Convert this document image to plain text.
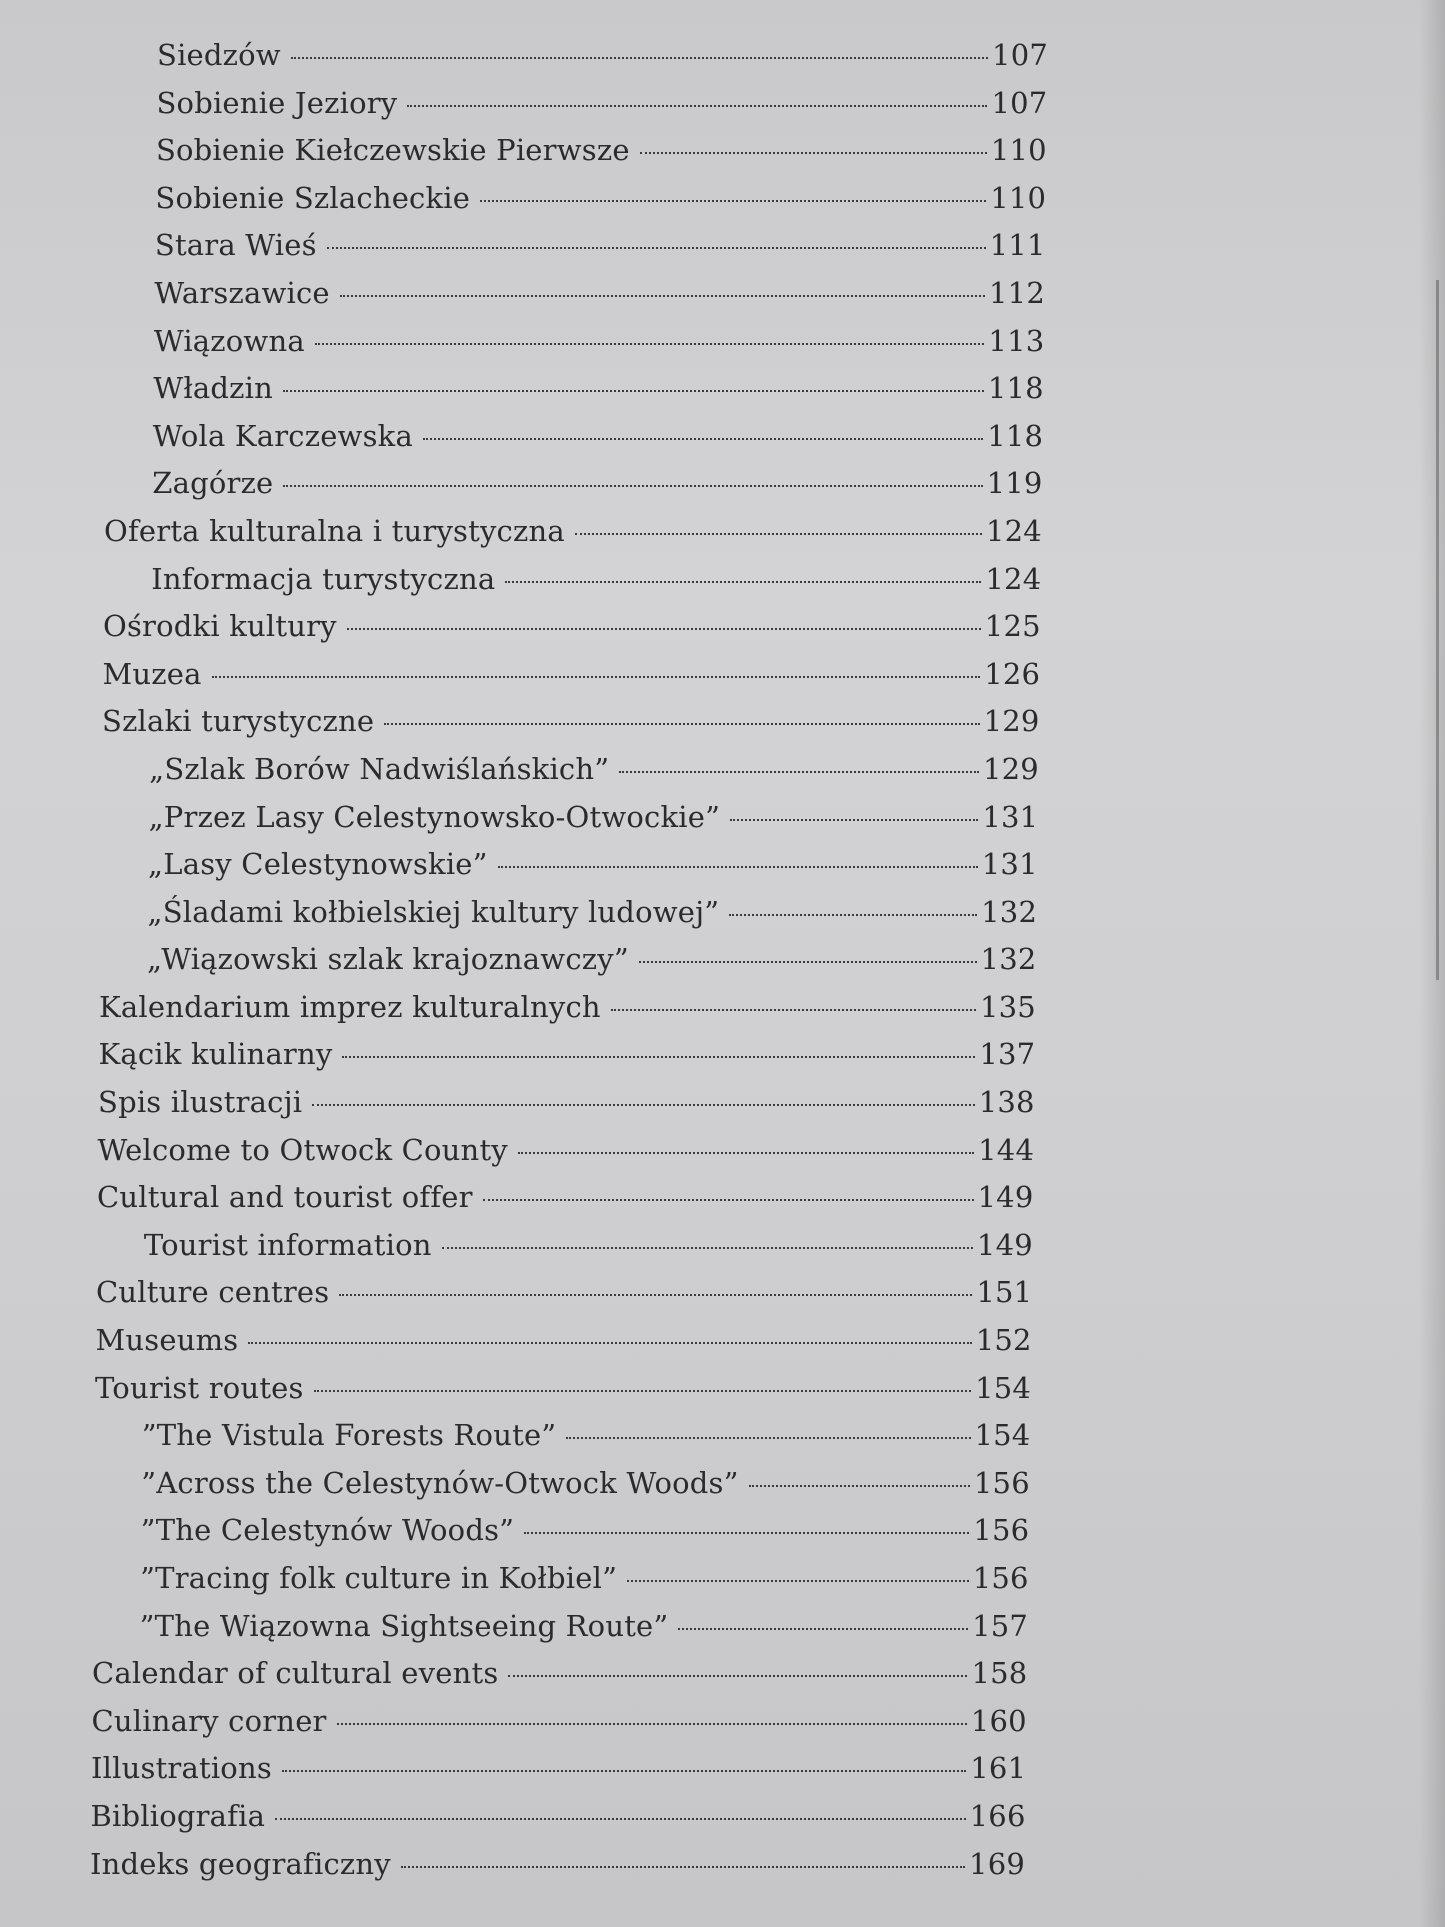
Siedzów	107
Sobienie Jeziory	107
Sobienie Kiełczewskie Pierwsze	110
Sobienie Szlacheckie	110
Stara Wieś	111
Warszawice	112
Wiązowna	113
Władzin	118
Wola Karczewska	118
Zagórze	119
Oferta kulturalna i turystyczna	124
Informacja turystyczna	124
Ośrodki kultury	125
Muzea	126
Szlaki turystyczne	129
„Szlak Borów Nadwiślańskich”	129
„Przez Lasy Celestynowsko-Otwockie”	131
„Lasy Celestynowskie”	131
„Śladami kołbielskiej kultury ludowej”	132
„Wiązowski szlak krajoznawczy”	132
Kalendarium imprez kulturalnych	135
Kącik kulinarny	137
Spis ilustracji	138
Welcome to Otwock County	144
Cultural and tourist offer	149
Tourist information	149
Culture centres	151
Museums	152
Tourist routes	154
”The Vistula Forests Route”	154
”Across the Celestynów-Otwock Woods”	156
”The Celestynów Woods”	156
”Tracing folk culture in Kołbiel”	156
”The Wiązowna Sightseeing Route”	157
Calendar of cultural events	158
Culinary corner	160
Illustrations	161
Bibliografia	166
Indeks geograficzny	169
